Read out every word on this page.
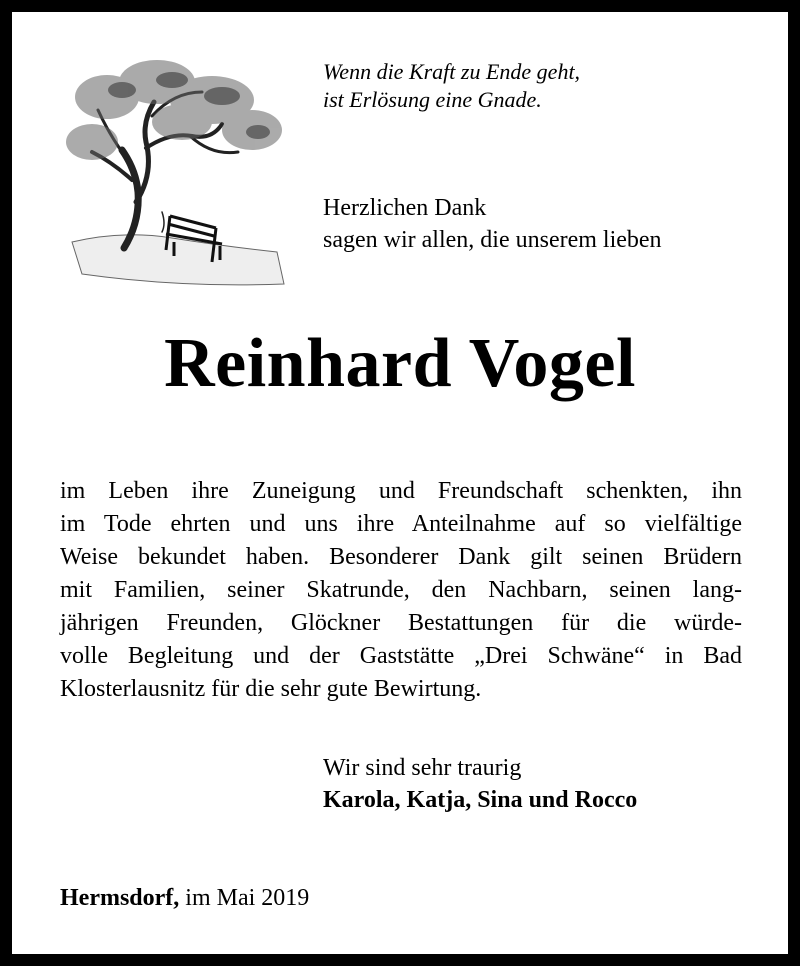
Wenn die Kraft zu Ende geht,
ist Erlösung eine Gnade.
Herzlichen Dank
sagen wir allen, die unserem lieben
Reinhard Vogel
im Leben ihre Zuneigung und Freundschaft schenkten, ihn
im Tode ehrten und uns ihre Anteilnahme auf so vielfältige
Weise bekundet haben. Besonderer Dank gilt seinen Brüdern
mit Familien, seiner Skatrunde, den Nachbarn, seinen lang-
jährigen Freunden, Glöckner Bestattungen für die würde-
volle Begleitung und der Gaststätte „Drei Schwäne“ in Bad
Klosterlausnitz für die sehr gute Bewirtung.
Wir sind sehr traurig
Karola, Katja, Sina und Rocco
Hermsdorf, im Mai 2019
